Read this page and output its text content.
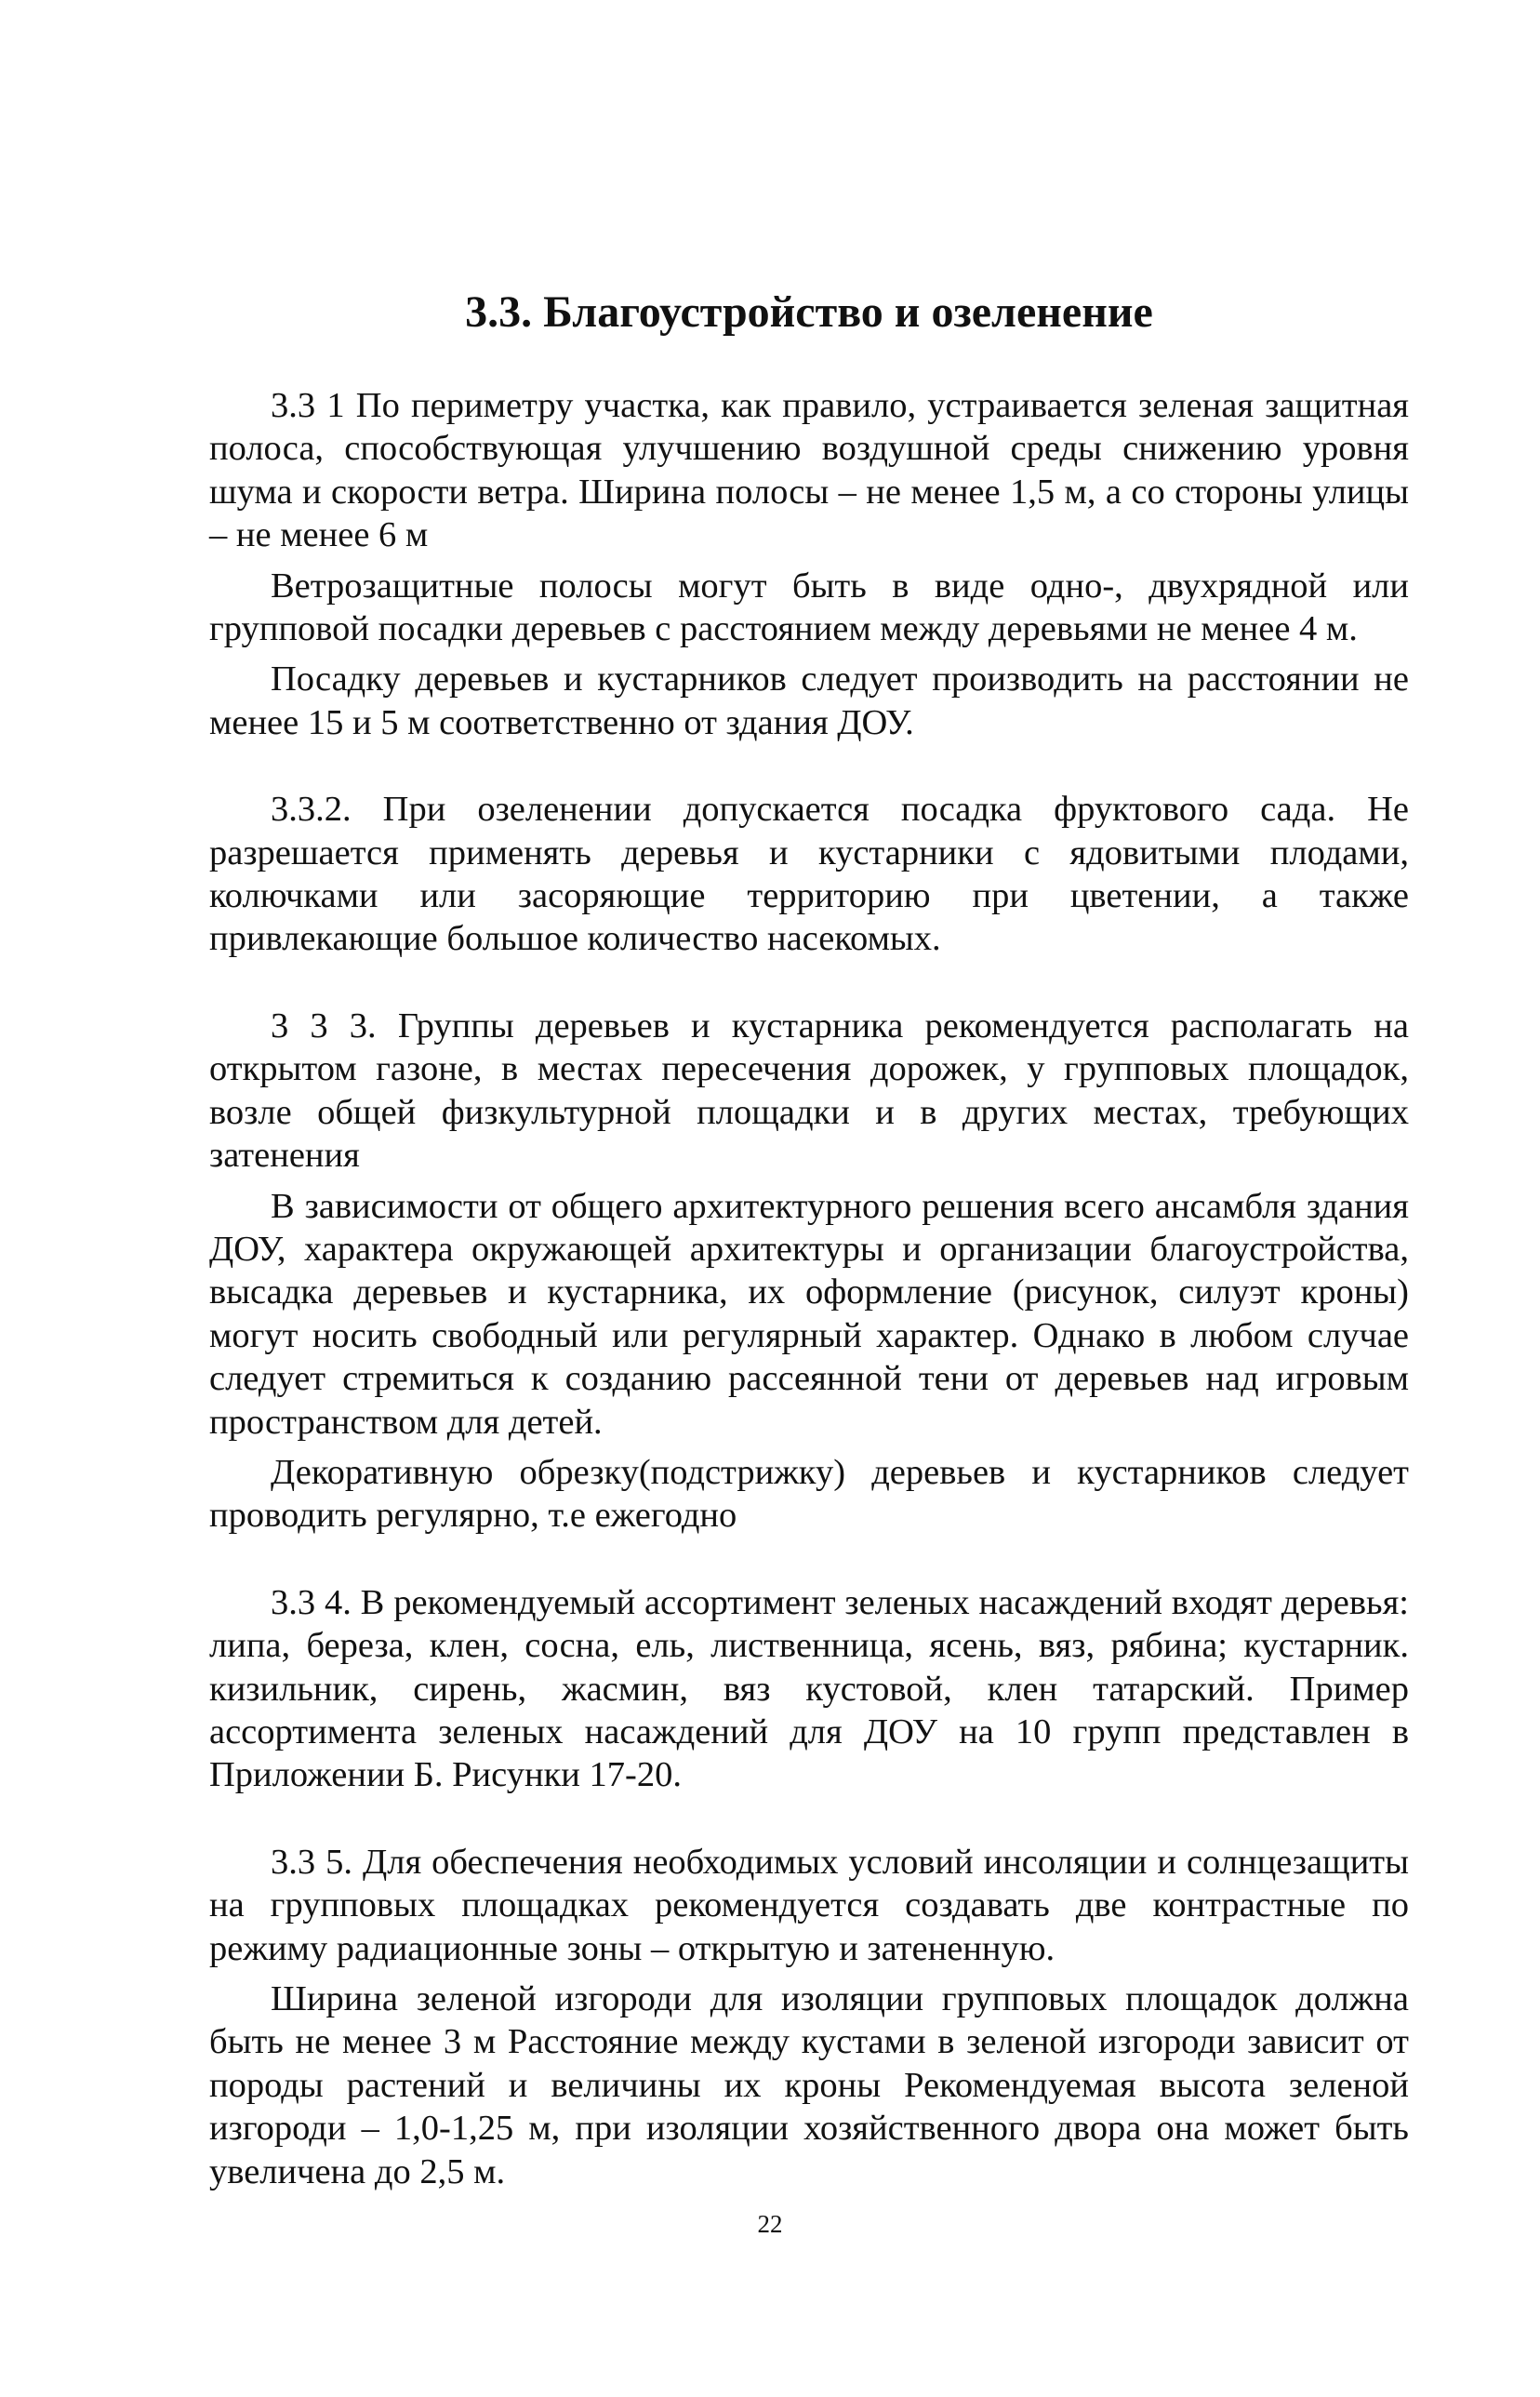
3.3. Благоустройство и озеленение

3.3 1 По периметру участка, как правило, устраивается зеленая защитная полоса, способствующая улучшению воздушной среды снижению уровня шума и скорости ветра. Ширина полосы – не менее 1,5 м, а со стороны улицы – не менее 6 м

Ветрозащитные полосы могут быть в виде одно-, двухрядной или групповой посадки деревьев с расстоянием между деревьями не менее 4 м.

Посадку деревьев и кустарников следует производить на расстоянии не менее 15 и 5 м соответственно от здания ДОУ.

3.3.2. При озеленении допускается посадка фруктового сада. Не разрешается применять деревья и кустарники с ядовитыми плодами, колючками или засоряющие территорию при цветении, а также привлекающие большое количество насекомых.

3 3 3. Группы деревьев и кустарника рекомендуется располагать на открытом газоне, в местах пересечения дорожек, у групповых площадок, возле общей физкультурной площадки и в других местах, требующих затенения

В зависимости от общего архитектурного решения всего ансамбля здания ДОУ, характера окружающей архитектуры и организации благоустройства, высадка деревьев и кустарника, их оформление (рисунок, силуэт кроны) могут носить свободный или регулярный характер. Однако в любом случае следует стремиться к созданию рассеянной тени от деревьев над игровым пространством для детей.

Декоративную обрезку(подстрижку) деревьев и кустарников следует проводить регулярно, т.е ежегодно

3.3 4. В рекомендуемый ассортимент зеленых насаждений входят деревья: липа, береза, клен, сосна, ель, лиственница, ясень, вяз, рябина; кустарник. кизильник, сирень, жасмин, вяз кустовой, клен татарский. Пример ассортимента зеленых насаждений для ДОУ на 10 групп представлен в Приложении Б. Рисунки 17-20.

3.3 5. Для обеспечения необходимых условий инсоляции и солнцезащиты на групповых площадках рекомендуется создавать две контрастные по режиму радиационные зоны – открытую и затененную.

Ширина зеленой изгороди для изоляции групповых площадок должна быть не менее 3 м Расстояние между кустами в зеленой изгороди зависит от породы растений и величины их кроны Рекомендуемая высота зеленой изгороди – 1,0-1,25 м, при изоляции хозяйственного двора она может быть увеличена до 2,5 м.

22
